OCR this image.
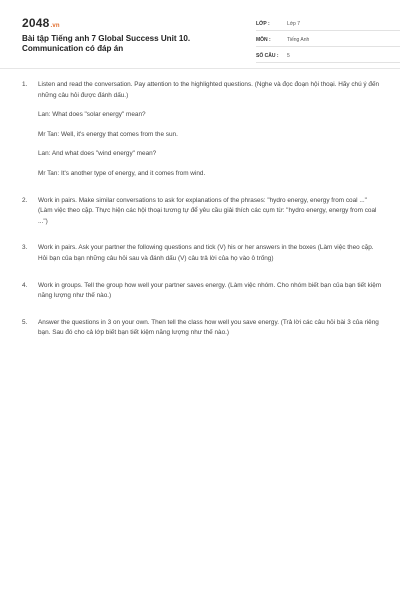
2048.vn
Bài tập Tiếng anh 7 Global Success Unit 10. Communication có đáp án
LỚP :	Lớp 7
MÔN :	Tiếng Anh
SỐ CÂU :	5
1.	Listen and read the conversation. Pay attention to the highlighted questions. (Nghe và đọc đoạn hội thoại. Hãy chú ý đến những câu hỏi được đánh dấu.)
Lan: What does "solar energy" mean?
Mr Tan: Well, it's energy that comes from the sun.
Lan: And what does "wind energy" mean?
Mr Tan: It's another type of energy, and it comes from wind.
2.	Work in pairs. Make similar conversations to ask for explanations of the phrases: "hydro energy, energy from coal ..." (Làm việc theo cặp. Thực hiện các hội thoại tương tự để yêu cầu giải thích các cụm từ: "hydro energy, energy from coal ...")
3.	Work in pairs. Ask your partner the following questions and tick (V) his or her answers in the boxes (Làm việc theo cặp. Hỏi bạn của bạn những câu hỏi sau và đánh dấu (V) câu trả lời của họ vào ô trống)
4.	Work in groups. Tell the group how well your partner saves energy. (Làm việc nhóm. Cho nhóm biết bạn của bạn tiết kiệm năng lượng như thế nào.)
5.	Answer the questions in 3 on your own. Then tell the class how well you save energy. (Trả lời các câu hỏi bài 3 của riêng bạn. Sau đó cho cả lớp biết bạn tiết kiệm năng lượng như thế nào.)
